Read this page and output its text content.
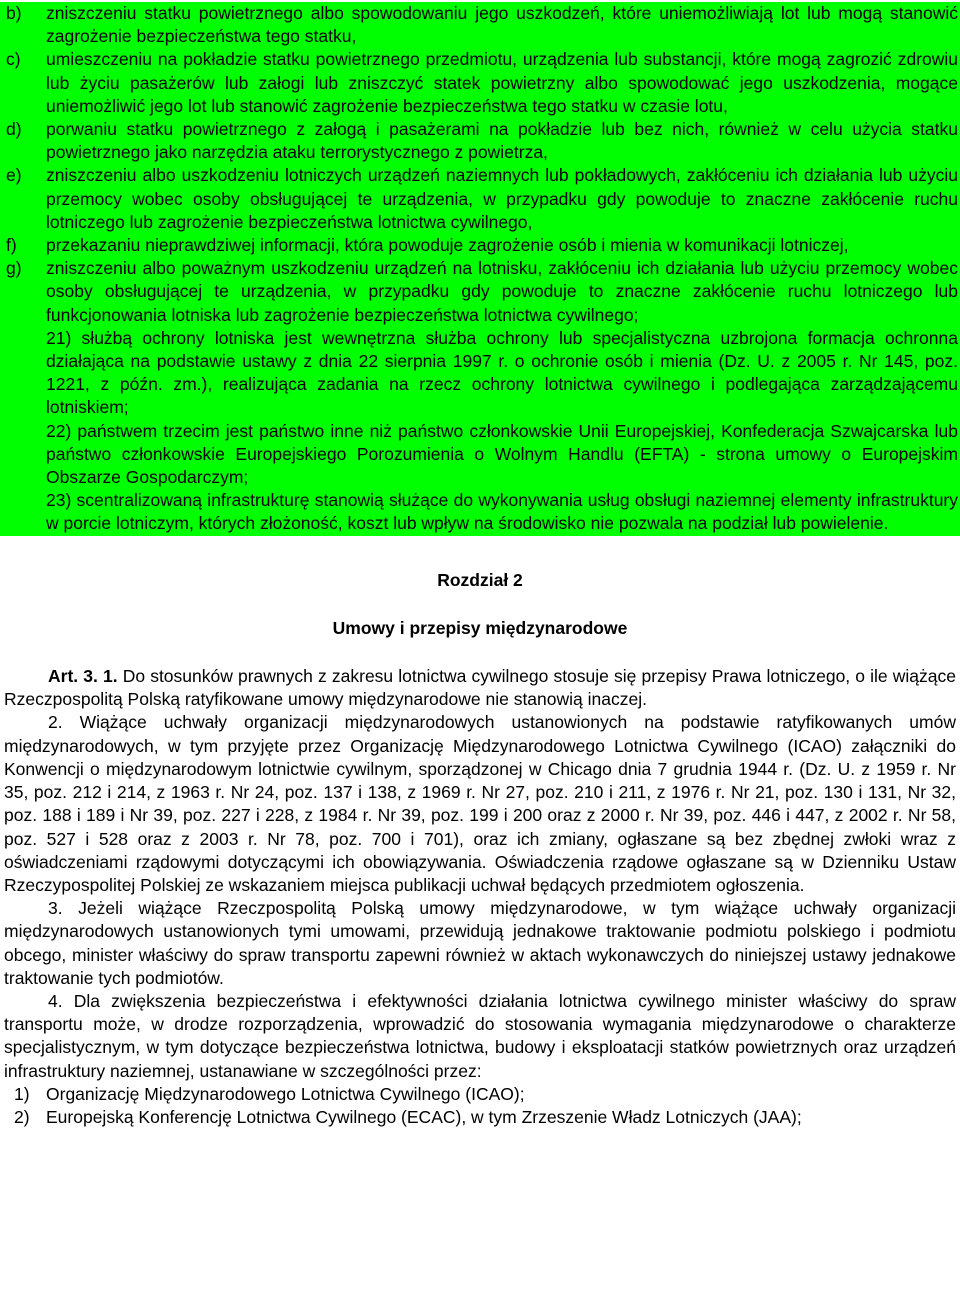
b)	zniszczeniu statku powietrznego albo spowodowaniu jego uszkodzeń, które uniemożliwiają lot lub mogą stanowić zagrożenie bezpieczeństwa tego statku,
c)	umieszczeniu na pokładzie statku powietrznego przedmiotu, urządzenia lub substancji, które mogą zagrozić zdrowiu lub życiu pasażerów lub załogi lub zniszczyć statek powietrzny albo spowodować jego uszkodzenia, mogące uniemożliwić jego lot lub stanowić zagrożenie bezpieczeństwa tego statku w czasie lotu,
d)	porwaniu statku powietrznego z załogą i pasażerami na pokładzie lub bez nich, również w celu użycia statku powietrznego jako narzędzia ataku terrorystycznego z powietrza,
e)	zniszczeniu albo uszkodzeniu lotniczych urządzeń naziemnych lub pokładowych, zakłóceniu ich działania lub użyciu przemocy wobec osoby obsługującej te urządzenia, w przypadku gdy powoduje to znaczne zakłócenie ruchu lotniczego lub zagrożenie bezpieczeństwa lotnictwa cywilnego,
f)	przekazaniu nieprawdziwej informacji, która powoduje zagrożenie osób i mienia w komunikacji lotniczej,
g)	zniszczeniu albo poważnym uszkodzeniu urządzeń na lotnisku, zakłóceniu ich działania lub użyciu przemocy wobec osoby obsługującej te urządzenia, w przypadku gdy powoduje to znaczne zakłócenie ruchu lotniczego lub funkcjonowania lotniska lub zagrożenie bezpieczeństwa lotnictwa cywilnego;
21) służbą ochrony lotniska jest wewnętrzna służba ochrony lub specjalistyczna uzbrojona formacja ochronna działająca na podstawie ustawy z dnia 22 sierpnia 1997 r. o ochronie osób i mienia (Dz. U. z 2005 r. Nr 145, poz. 1221, z późn. zm.), realizująca zadania na rzecz ochrony lotnictwa cywilnego i podlegająca zarządzającemu lotniskiem;
22) państwem trzecim jest państwo inne niż państwo członkowskie Unii Europejskiej, Konfederacja Szwajcarska lub państwo członkowskie Europejskiego Porozumienia o Wolnym Handlu (EFTA) - strona umowy o Europejskim Obszarze Gospodarczym;
23) scentralizowaną infrastrukturę stanowią służące do wykonywania usług obsługi naziemnej elementy infrastruktury w porcie lotniczym, których złożoność, koszt lub wpływ na środowisko nie pozwala na podział lub powielenie.
Rozdział 2
Umowy i przepisy międzynarodowe
Art. 3. 1. Do stosunków prawnych z zakresu lotnictwa cywilnego stosuje się przepisy Prawa lotniczego, o ile wiążące Rzeczpospolitą Polską ratyfikowane umowy międzynarodowe nie stanowią inaczej.
2. Wiążące uchwały organizacji międzynarodowych ustanowionych na podstawie ratyfikowanych umów międzynarodowych, w tym przyjęte przez Organizację Międzynarodowego Lotnictwa Cywilnego (ICAO) załączniki do Konwencji o międzynarodowym lotnictwie cywilnym, sporządzonej w Chicago dnia 7 grudnia 1944 r. (Dz. U. z 1959 r. Nr 35, poz. 212 i 214, z 1963 r. Nr 24, poz. 137 i 138, z 1969 r. Nr 27, poz. 210 i 211, z 1976 r. Nr 21, poz. 130 i 131, Nr 32, poz. 188 i 189 i Nr 39, poz. 227 i 228, z 1984 r. Nr 39, poz. 199 i 200 oraz z 2000 r. Nr 39, poz. 446 i 447, z 2002 r. Nr 58, poz. 527 i 528 oraz z 2003 r. Nr 78, poz. 700 i 701), oraz ich zmiany, ogłaszane są bez zbędnej zwłoki wraz z oświadczeniami rządowymi dotyczącymi ich obowiązywania. Oświadczenia rządowe ogłaszane są w Dzienniku Ustaw Rzeczypospolitej Polskiej ze wskazaniem miejsca publikacji uchwał będących przedmiotem ogłoszenia.
3. Jeżeli wiążące Rzeczpospolitą Polską umowy międzynarodowe, w tym wiążące uchwały organizacji międzynarodowych ustanowionych tymi umowami, przewidują jednakowe traktowanie podmiotu polskiego i podmiotu obcego, minister właściwy do spraw transportu zapewni również w aktach wykonawczych do niniejszej ustawy jednakowe traktowanie tych podmiotów.
4. Dla zwiększenia bezpieczeństwa i efektywności działania lotnictwa cywilnego minister właściwy do spraw transportu może, w drodze rozporządzenia, wprowadzić do stosowania wymagania międzynarodowe o charakterze specjalistycznym, w tym dotyczące bezpieczeństwa lotnictwa, budowy i eksploatacji statków powietrznych oraz urządzeń infrastruktury naziemnej, ustanawiane w szczególności przez:
1) Organizację Międzynarodowego Lotnictwa Cywilnego (ICAO);
2) Europejską Konferencję Lotnictwa Cywilnego (ECAC), w tym Zrzeszenie Władz Lotniczych (JAA);
